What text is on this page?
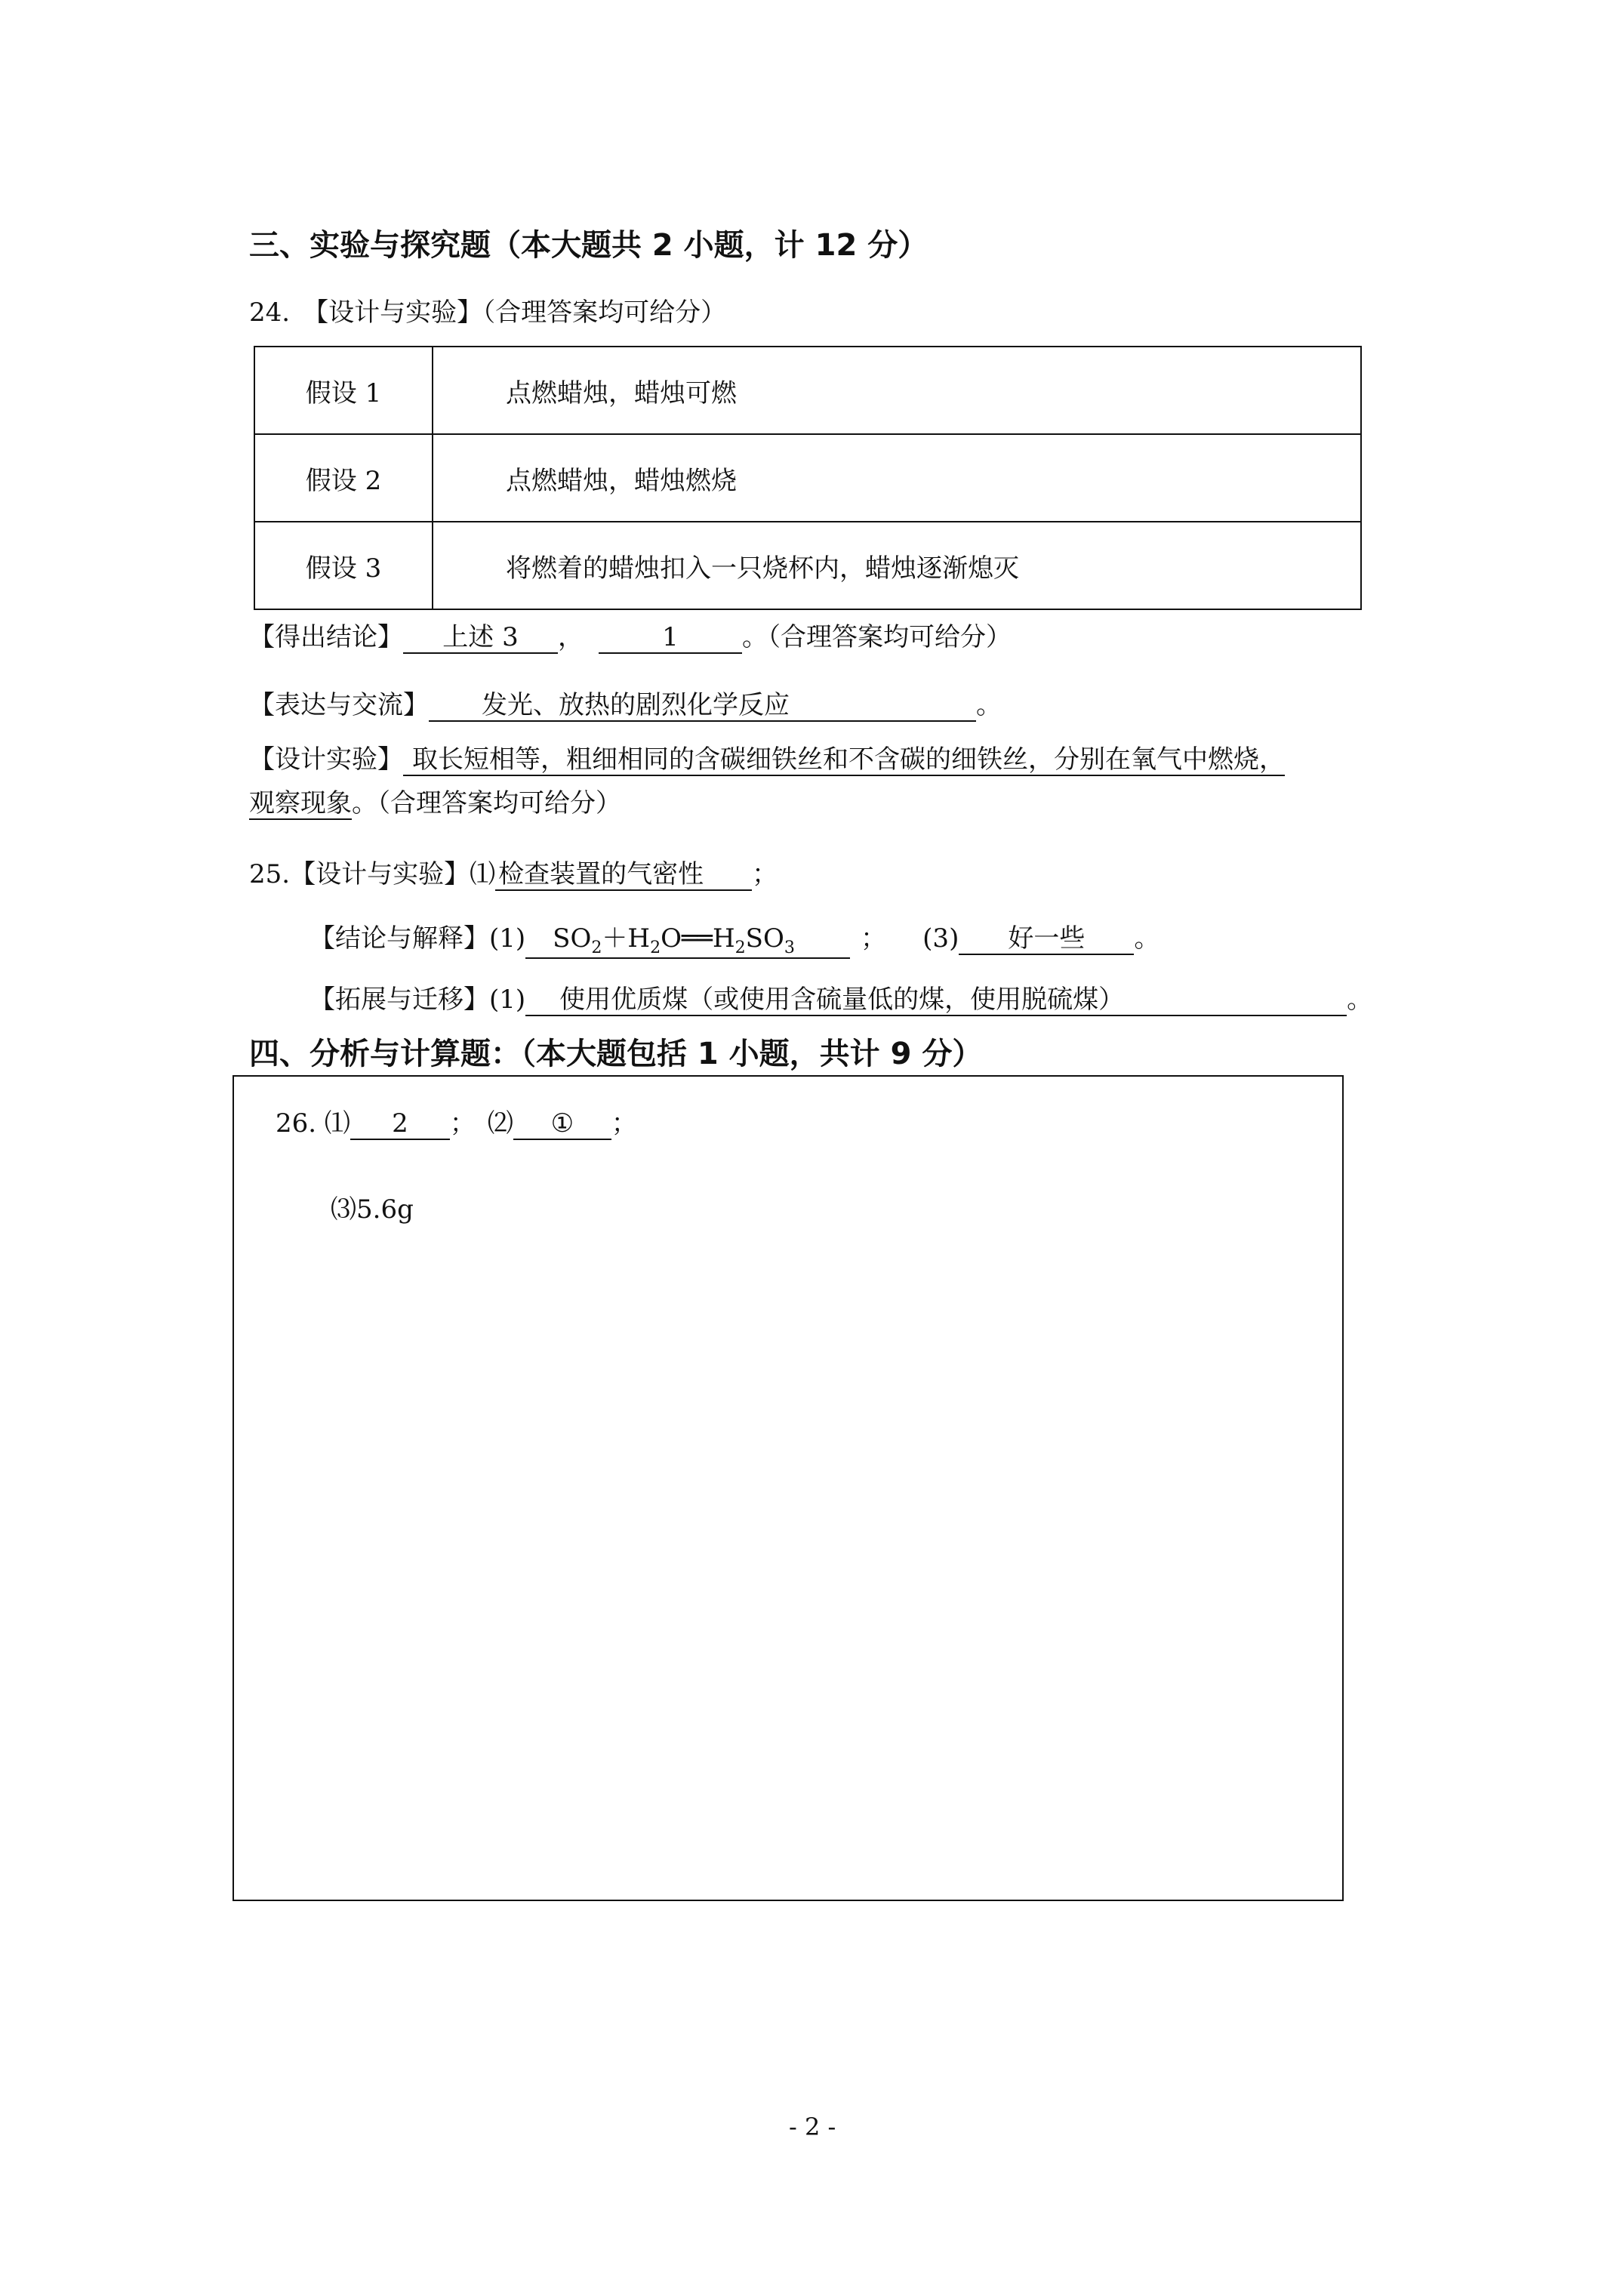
三、实验与探究题（本大题共 2 小题，计 12 分）
24.　【设计与实验】（合理答案均可给分）
假设 1	点燃蜡烛，蜡烛可燃
假设 2	点燃蜡烛，蜡烛燃烧
假设 3	将燃着的蜡烛扣入一只烧杯内，蜡烛逐渐熄灭
【得出结论】 上述 3 ，	1 。（合理答案均可给分）
【表达与交流】 发光、放热的剧烈化学反应	。
【设计实验】 取长短相等，粗细相同的含碳细铁丝和不含碳的细铁丝，分别在氧气中燃烧，
观察现象。（合理答案均可给分）
25.【设计与实验】⑴ 检查装置的气密性 ；
【结论与解释】(1) $SO_2+H_2O══H_2SO_3$	； (3) 好一些 。
【拓展与迁移】(1) 使用优质煤（或使用含硫量低的煤，使用脱硫煤）	。
四、分析与计算题：（本大题包括 1 小题，共计 9 分）
26. ⑴ 2 ； ⑵ ① ；
⑶5.6g
- 2 -
